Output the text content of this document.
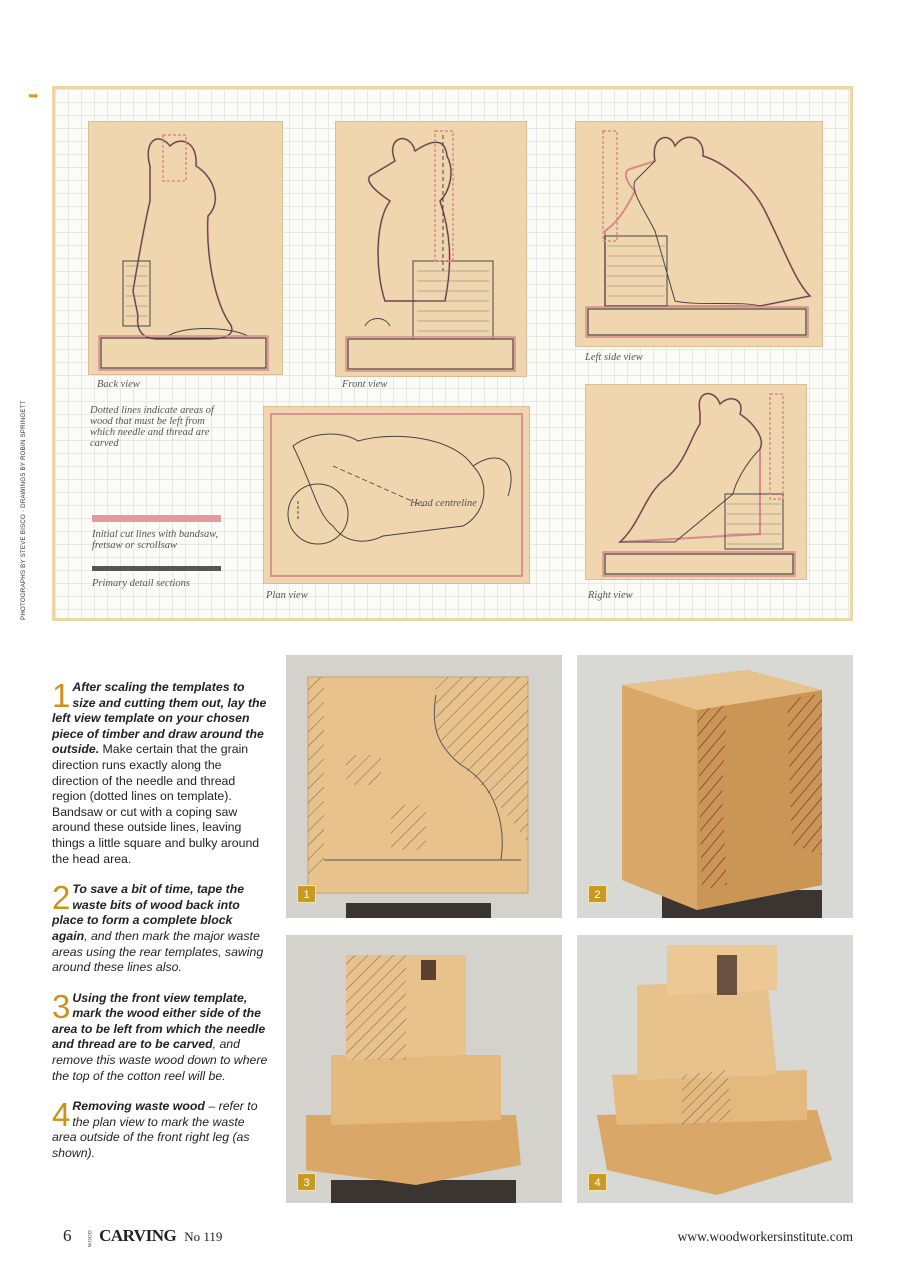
➥
PHOTOGRAPHS BY STEVE BISCO · DRAWINGS BY ROBIN SPRINGETT
Back view	Front view
Left side view
Dotted lines indicate areas of wood that must be left from which needle and thread are carved
Initial cut lines with bandsaw, fretsaw or scrollsaw
Primary detail sections
Head centreline
Plan view	Right view
1 After scaling the templates to size and cutting them out, lay the left view template on your chosen piece of timber and draw around the outside. Make certain that the grain direction runs exactly along the direction of the needle and thread region (dotted lines on template). Bandsaw or cut with a coping saw around these outside lines, leaving things a little square and bulky around the head area.
2 To save a bit of time, tape the waste bits of wood back into place to form a complete block again, and then mark the major waste areas using the rear templates, sawing around these lines also.
3 Using the front view template, mark the wood either side of the area to be left from which the needle and thread are to be carved, and remove this waste wood down to where the top of the cotton reel will be.
4 Removing waste wood – refer to the plan view to mark the waste area outside of the front right leg (as shown).
1	2
3	4
6	WOOD CARVING No 119	www.woodworkersinstitute.com
